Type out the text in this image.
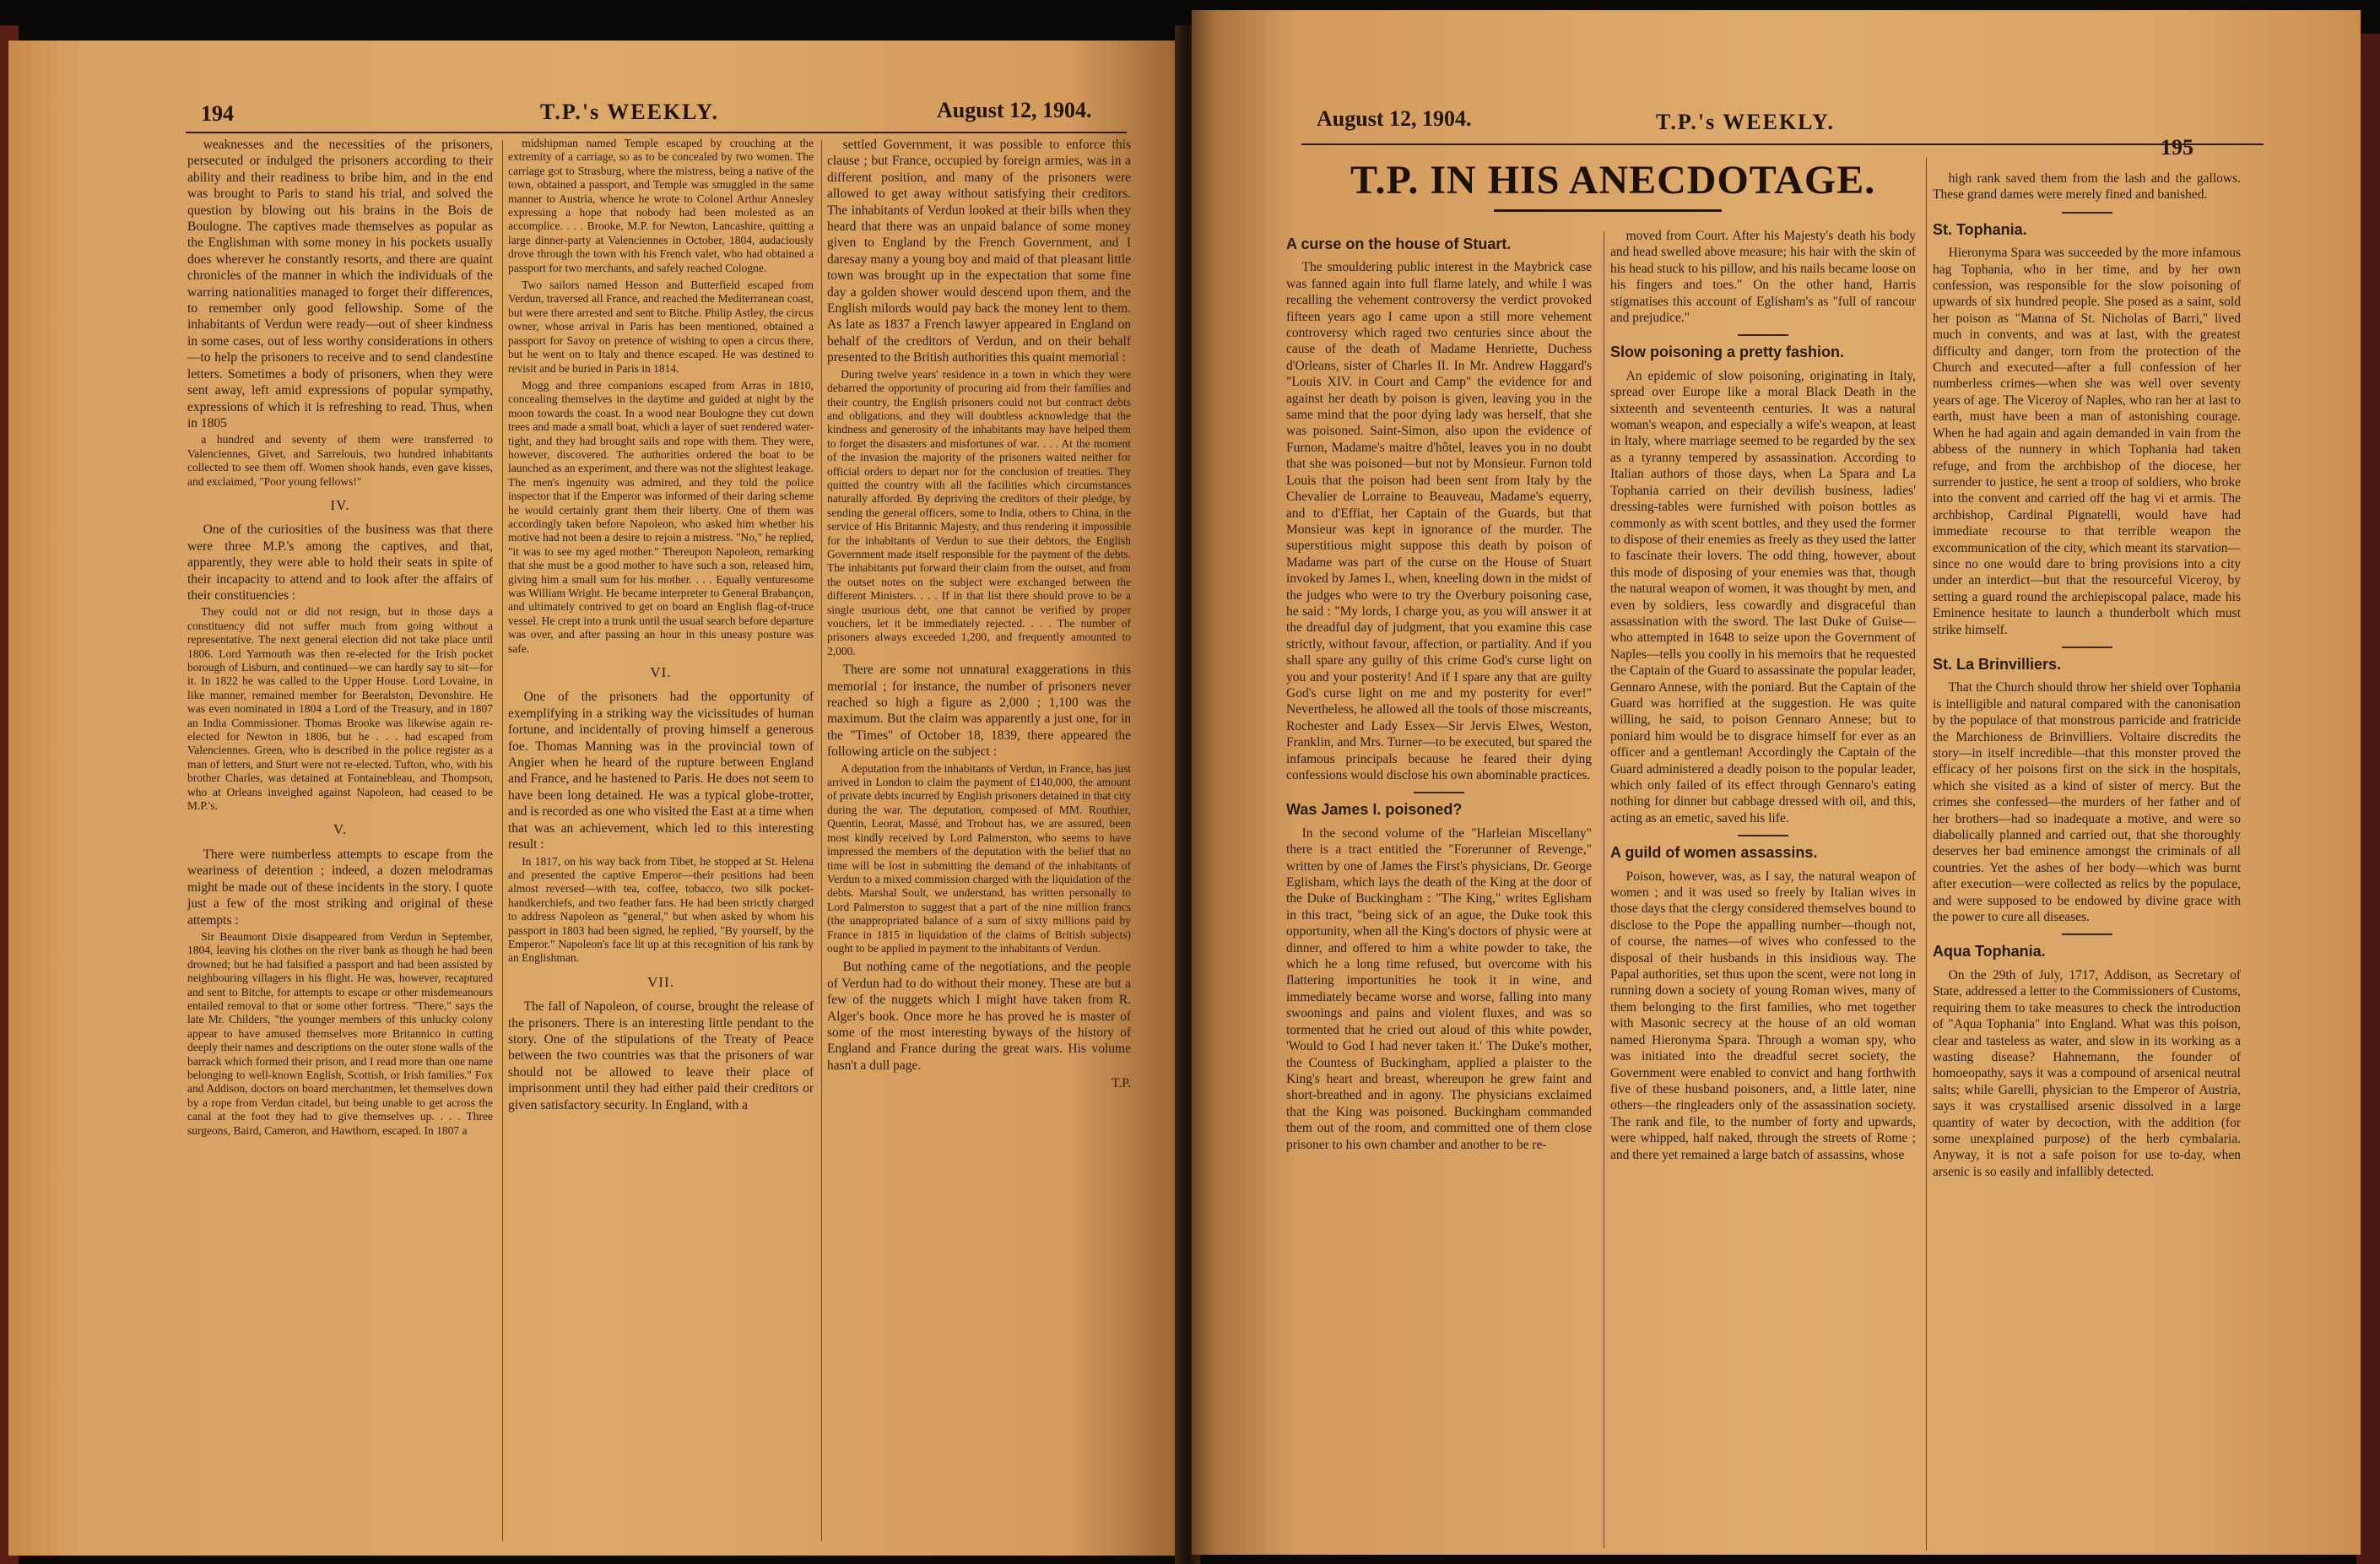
194	T.P.'s WEEKLY.	August 12, 1904.

weaknesses and the necessities of the prisoners, persecuted or indulged the prisoners according to their ability and their readiness to bribe him, and in the end was brought to Paris to stand his trial, and solved the question by blowing out his brains in the Bois de Boulogne. The captives made themselves as popular as the Englishman with some money in his pockets usually does wherever he constantly resorts, and there are quaint chronicles of the manner in which the individuals of the warring nationalities managed to forget their differences, to remember only good fellowship. Some of the inhabitants of Verdun were ready—out of sheer kindness in some cases, out of less worthy considerations in others—to help the prisoners to receive and to send clandestine letters. Sometimes a body of prisoners, when they were sent away, left amid expressions of popular sympathy, expressions of which it is refreshing to read. Thus, when in 1805

a hundred and seventy of them were transferred to Valenciennes, Givet, and Sarrelouis, two hundred inhabitants collected to see them off. Women shook hands, even gave kisses, and exclaimed, "Poor young fellows!"

IV.

One of the curiosities of the business was that there were three M.P.'s among the captives, and that, apparently, they were able to hold their seats in spite of their incapacity to attend and to look after the affairs of their constituencies :

They could not or did not resign, but in those days a constituency did not suffer much from going without a representative. The next general election did not take place until 1806. Lord Yarmouth was then re-elected for the Irish pocket borough of Lisburn, and continued—we can hardly say to sit—for it. In 1822 he was called to the Upper House. Lord Lovaine, in like manner, remained member for Beeralston, Devonshire. He was even nominated in 1804 a Lord of the Treasury, and in 1807 an India Commissioner. Thomas Brooke was likewise again re-elected for Newton in 1806, but he . . . had escaped from Valenciennes. Green, who is described in the police register as a man of letters, and Sturt were not re-elected. Tufton, who, with his brother Charles, was detained at Fontainebleau, and Thompson, who at Orleans inveighed against Napoleon, had ceased to be M.P.'s.

V.

There were numberless attempts to escape from the weariness of detention ; indeed, a dozen melodramas might be made out of these incidents in the story. I quote just a few of the most striking and original of these attempts :

Sir Beaumont Dixie disappeared from Verdun in September, 1804, leaving his clothes on the river bank as though he had been drowned; but he had falsified a passport and had been assisted by neighbouring villagers in his flight. He was, however, recaptured and sent to Bitche, for attempts to escape or other misdemeanours entailed removal to that or some other fortress. "There," says the late Mr. Childers, "the younger members of this unlucky colony appear to have amused themselves more Britannico in cutting deeply their names and descriptions on the outer stone walls of the barrack which formed their prison, and I read more than one name belonging to well-known English, Scottish, or Irish families." Fox and Addison, doctors on board merchantmen, let themselves down by a rope from Verdun citadel, but being unable to get across the canal at the foot they had to give themselves up. . . . Three surgeons, Baird, Cameron, and Hawthorn, escaped. In 1807 a

midshipman named Temple escaped by crouching at the extremity of a carriage, so as to be concealed by two women. The carriage got to Strasburg, where the mistress, being a native of the town, obtained a passport, and Temple was smuggled in the same manner to Austria, whence he wrote to Colonel Arthur Annesley expressing a hope that nobody had been molested as an accomplice. . . . Brooke, M.P. for Newton, Lancashire, quitting a large dinner-party at Valenciennes in October, 1804, audaciously drove through the town with his French valet, who had obtained a passport for two merchants, and safely reached Cologne.

Two sailors named Hesson and Butterfield escaped from Verdun, traversed all France, and reached the Mediterranean coast, but were there arrested and sent to Bitche. Philip Astley, the circus owner, whose arrival in Paris has been mentioned, obtained a passport for Savoy on pretence of wishing to open a circus there, but he went on to Italy and thence escaped. He was destined to revisit and be buried in Paris in 1814.

Mogg and three companions escaped from Arras in 1810, concealing themselves in the daytime and guided at night by the moon towards the coast. In a wood near Boulogne they cut down trees and made a small boat, which a layer of suet rendered water-tight, and they had brought sails and rope with them. They were, however, discovered. The authorities ordered the boat to be launched as an experiment, and there was not the slightest leakage. The men's ingenuity was admired, and they told the police inspector that if the Emperor was informed of their daring scheme he would certainly grant them their liberty. One of them was accordingly taken before Napoleon, who asked him whether his motive had not been a desire to rejoin a mistress. "No," he replied, "it was to see my aged mother." Thereupon Napoleon, remarking that she must be a good mother to have such a son, released him, giving him a small sum for his mother. . . . Equally venturesome was William Wright. He became interpreter to General Brabançon, and ultimately contrived to get on board an English flag-of-truce vessel. He crept into a trunk until the usual search before departure was over, and after passing an hour in this uneasy posture was safe.

VI.

One of the prisoners had the opportunity of exemplifying in a striking way the vicissitudes of human fortune, and incidentally of proving himself a generous foe. Thomas Manning was in the provincial town of Angier when he heard of the rupture between England and France, and he hastened to Paris. He does not seem to have been long detained. He was a typical globe-trotter, and is recorded as one who visited the East at a time when that was an achievement, which led to this interesting result :

In 1817, on his way back from Tibet, he stopped at St. Helena and presented the captive Emperor—their positions had been almost reversed—with tea, coffee, tobacco, two silk pocket-handkerchiefs, and two feather fans. He had been strictly charged to address Napoleon as "general," but when asked by whom his passport in 1803 had been signed, he replied, "By yourself, by the Emperor." Napoleon's face lit up at this recognition of his rank by an Englishman.

VII.

The fall of Napoleon, of course, brought the release of the prisoners. There is an interesting little pendant to the story. One of the stipulations of the Treaty of Peace between the two countries was that the prisoners of war should not be allowed to leave their place of imprisonment until they had either paid their creditors or given satisfactory security. In England, with a

settled Government, it was possible to enforce this clause ; but France, occupied by foreign armies, was in a different position, and many of the prisoners were allowed to get away without satisfying their creditors. The inhabitants of Verdun looked at their bills when they heard that there was an unpaid balance of some money given to England by the French Government, and I daresay many a young boy and maid of that pleasant little town was brought up in the expectation that some fine day a golden shower would descend upon them, and the English milords would pay back the money lent to them. As late as 1837 a French lawyer appeared in England on behalf of the creditors of Verdun, and on their behalf presented to the British authorities this quaint memorial :

During twelve years' residence in a town in which they were debarred the opportunity of procuring aid from their families and their country, the English prisoners could not but contract debts and obligations, and they will doubtless acknowledge that the kindness and generosity of the inhabitants may have helped them to forget the disasters and misfortunes of war. . . . At the moment of the invasion the majority of the prisoners waited neither for official orders to depart nor for the conclusion of treaties. They quitted the country with all the facilities which circumstances naturally afforded. By depriving the creditors of their pledge, by sending the general officers, some to India, others to China, in the service of His Britannic Majesty, and thus rendering it impossible for the inhabitants of Verdun to sue their debtors, the English Government made itself responsible for the payment of the debts. The inhabitants put forward their claim from the outset, and from the outset notes on the subject were exchanged between the different Ministers. . . . If in that list there should prove to be a single usurious debt, one that cannot be verified by proper vouchers, let it be immediately rejected. . . . The number of prisoners always exceeded 1,200, and frequently amounted to 2,000.

There are some not unnatural exaggerations in this memorial ; for instance, the number of prisoners never reached so high a figure as 2,000 ; 1,100 was the maximum. But the claim was apparently a just one, for in the "Times" of October 18, 1839, there appeared the following article on the subject :

A deputation from the inhabitants of Verdun, in France, has just arrived in London to claim the payment of £140,000, the amount of private debts incurred by English prisoners detained in that city during the war. The deputation, composed of MM. Routhier, Quentin, Leorat, Massé, and Trobout has, we are assured, been most kindly received by Lord Palmerston, who seems to have impressed the members of the deputation with the belief that no time will be lost in submitting the demand of the inhabitants of Verdun to a mixed commission charged with the liquidation of the debts. Marshal Soult, we understand, has written personally to Lord Palmerston to suggest that a part of the nine million francs (the unappropriated balance of a sum of sixty millions paid by France in 1815 in liquidation of the claims of British subjects) ought to be applied in payment to the inhabitants of Verdun.

But nothing came of the negotiations, and the people of Verdun had to do without their money. These are but a few of the nuggets which I might have taken from R. Alger's book. Once more he has proved he is master of some of the most interesting byways of the history of England and France during the great wars. His volume hasn't a dull page.

T.P.

August 12, 1904.	T.P.'s WEEKLY.
195
A curse on the house of Stuart.

The smouldering public interest in the Maybrick case was fanned again into full flame lately, and while I was recalling the vehement controversy the verdict provoked fifteen years ago I came upon a still more vehement controversy which raged two centuries since about the cause of the death of Madame Henriette, Duchess d'Orleans, sister of Charles II. In Mr. Andrew Haggard's "Louis XIV. in Court and Camp" the evidence for and against her death by poison is given, leaving you in the same mind that the poor dying lady was herself, that she was poisoned. Saint-Simon, also upon the evidence of Furnon, Madame's maitre d'hôtel, leaves you in no doubt that she was poisoned—but not by Monsieur. Furnon told Louis that the poison had been sent from Italy by the Chevalier de Lorraine to Beauveau, Madame's equerry, and to d'Effiat, her Captain of the Guards, but that Monsieur was kept in ignorance of the murder. The superstitious might suppose this death by poison of Madame was part of the curse on the House of Stuart invoked by James I., when, kneeling down in the midst of the judges who were to try the Overbury poisoning case, he said : "My lords, I charge you, as you will answer it at the dreadful day of judgment, that you examine this case strictly, without favour, affection, or partiality. And if you shall spare any guilty of this crime God's curse light on you and your posterity! And if I spare any that are guilty God's curse light on me and my posterity for ever!" Nevertheless, he allowed all the tools of those miscreants, Rochester and Lady Essex—Sir Jervis Elwes, Weston, Franklin, and Mrs. Turner—to be executed, but spared the infamous principals because he feared their dying confessions would disclose his own abominable practices.

Was James I. poisoned?

In the second volume of the "Harleian Miscellany" there is a tract entitled the "Forerunner of Revenge," written by one of James the First's physicians, Dr. George Eglisham, which lays the death of the King at the door of the Duke of Buckingham : "The King," writes Eglisham in this tract, "being sick of an ague, the Duke took this opportunity, when all the King's doctors of physic were at dinner, and offered to him a white powder to take, the which he a long time refused, but overcome with his flattering importunities he took it in wine, and immediately became worse and worse, falling into many swoonings and pains and violent fluxes, and was so tormented that he cried out aloud of this white powder, 'Would to God I had never taken it.' The Duke's mother, the Countess of Buckingham, applied a plaister to the King's heart and breast, whereupon he grew faint and short-breathed and in agony. The physicians exclaimed that the King was poisoned. Buckingham commanded them out of the room, and committed one of them close prisoner to his own chamber and another to be re-

moved from Court. After his Majesty's death his body and head swelled above measure; his hair with the skin of his head stuck to his pillow, and his nails became loose on his fingers and toes." On the other hand, Harris stigmatises this account of Eglisham's as "full of rancour and prejudice."

Slow poisoning a pretty fashion.

An epidemic of slow poisoning, originating in Italy, spread over Europe like a moral Black Death in the sixteenth and seventeenth centuries. It was a natural woman's weapon, and especially a wife's weapon, at least in Italy, where marriage seemed to be regarded by the sex as a tyranny tempered by assassination. According to Italian authors of those days, when La Spara and La Tophania carried on their devilish business, ladies' dressing-tables were furnished with poison bottles as commonly as with scent bottles, and they used the former to dispose of their enemies as freely as they used the latter to fascinate their lovers. The odd thing, however, about this mode of disposing of your enemies was that, though the natural weapon of women, it was thought by men, and even by soldiers, less cowardly and disgraceful than assassination with the sword. The last Duke of Guise—who attempted in 1648 to seize upon the Government of Naples—tells you coolly in his memoirs that he requested the Captain of the Guard to assassinate the popular leader, Gennaro Annese, with the poniard. But the Captain of the Guard was horrified at the suggestion. He was quite willing, he said, to poison Gennaro Annese; but to poniard him would be to disgrace himself for ever as an officer and a gentleman! Accordingly the Captain of the Guard administered a deadly poison to the popular leader, which only failed of its effect through Gennaro's eating nothing for dinner but cabbage dressed with oil, and this, acting as an emetic, saved his life.

A guild of women assassins.

Poison, however, was, as I say, the natural weapon of women ; and it was used so freely by Italian wives in those days that the clergy considered themselves bound to disclose to the Pope the appalling number—though not, of course, the names—of wives who confessed to the disposal of their husbands in this insidious way. The Papal authorities, set thus upon the scent, were not long in running down a society of young Roman wives, many of them belonging to the first families, who met together with Masonic secrecy at the house of an old woman named Hieronyma Spara. Through a woman spy, who was initiated into the dreadful secret society, the Government were enabled to convict and hang forthwith five of these husband poisoners, and, a little later, nine others—the ringleaders only of the assassination society. The rank and file, to the number of forty and upwards, were whipped, half naked, through the streets of Rome ; and there yet remained a large batch of assassins, whose

high rank saved them from the lash and the gallows. These grand dames were merely fined and banished.

St. Tophania.

Hieronyma Spara was succeeded by the more infamous hag Tophania, who in her time, and by her own confession, was responsible for the slow poisoning of upwards of six hundred people. She posed as a saint, sold her poison as "Manna of St. Nicholas of Barri," lived much in convents, and was at last, with the greatest difficulty and danger, torn from the protection of the Church and executed—after a full confession of her numberless crimes—when she was well over seventy years of age. The Viceroy of Naples, who ran her at last to earth, must have been a man of astonishing courage. When he had again and again demanded in vain from the abbess of the nunnery in which Tophania had taken refuge, and from the archbishop of the diocese, her surrender to justice, he sent a troop of soldiers, who broke into the convent and carried off the hag vi et armis. The archbishop, Cardinal Pignatelli, would have had immediate recourse to that terrible weapon the excommunication of the city, which meant its starvation—since no one would dare to bring provisions into a city under an interdict—but that the resourceful Viceroy, by setting a guard round the archiepiscopal palace, made his Eminence hesitate to launch a thunderbolt which must strike himself.

St. La Brinvilliers.

That the Church should throw her shield over Tophania is intelligible and natural compared with the canonisation by the populace of that monstrous parricide and fratricide the Marchioness de Brinvilliers. Voltaire discredits the story—in itself incredible—that this monster proved the efficacy of her poisons first on the sick in the hospitals, which she visited as a kind of sister of mercy. But the crimes she confessed—the murders of her father and of her brothers—had so inadequate a motive, and were so diabolically planned and carried out, that she thoroughly deserves her bad eminence amongst the criminals of all countries. Yet the ashes of her body—which was burnt after execution—were collected as relics by the populace, and were supposed to be endowed by divine grace with the power to cure all diseases.

Aqua Tophania.

On the 29th of July, 1717, Addison, as Secretary of State, addressed a letter to the Commissioners of Customs, requiring them to take measures to check the introduction of "Aqua Tophania" into England. What was this poison, clear and tasteless as water, and slow in its working as a wasting disease? Hahnemann, the founder of homoeopathy, says it was a compound of arsenical neutral salts; while Garelli, physician to the Emperor of Austria, says it was crystallised arsenic dissolved in a large quantity of water by decoction, with the addition (for some unexplained purpose) of the herb cymbalaria. Anyway, it is not a safe poison for use to-day, when arsenic is so easily and infallibly detected.

T.P. IN HIS ANECDOTAGE.
